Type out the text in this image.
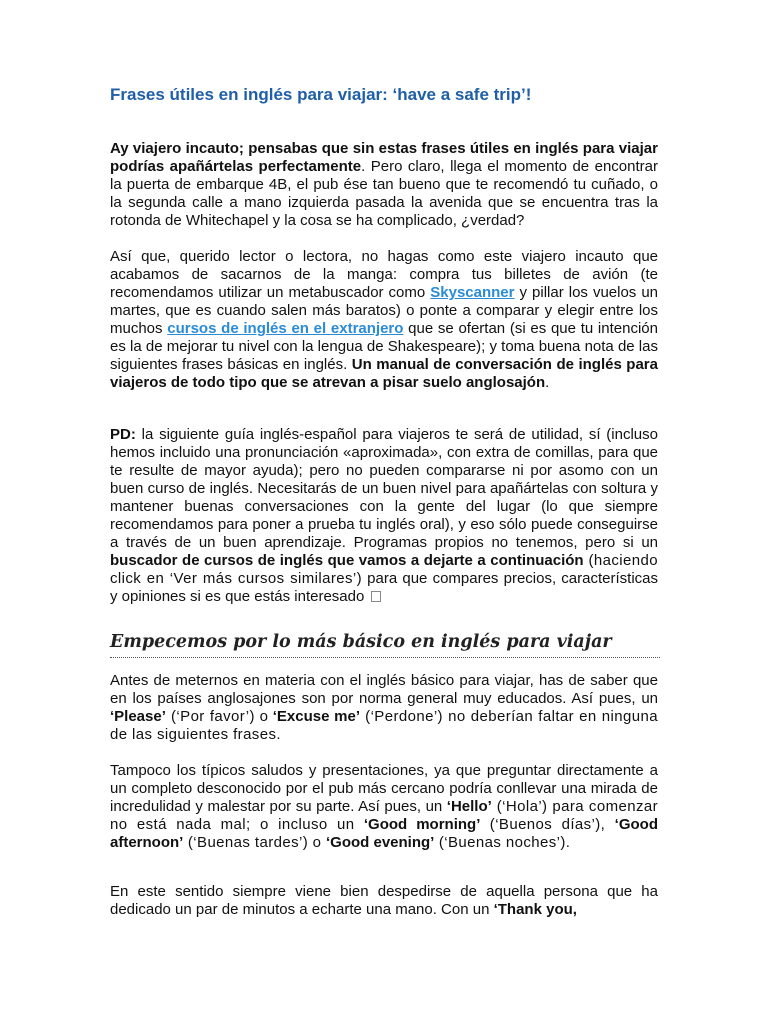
Frases útiles en inglés para viajar: ‘have a safe trip’!

Ay viajero incauto; pensabas que sin estas frases útiles en inglés para viajar podrías apañártelas perfectamente. Pero claro, llega el momento de encontrar la puerta de embarque 4B, el pub ése tan bueno que te recomendó tu cuñado, o la segunda calle a mano izquierda pasada la avenida que se encuentra tras la rotonda de Whitechapel y la cosa se ha complicado, ¿verdad?

Así que, querido lector o lectora, no hagas como este viajero incauto que acabamos de sacarnos de la manga: compra tus billetes de avión (te recomendamos utilizar un metabuscador como Skyscanner y pillar los vuelos un martes, que es cuando salen más baratos) o ponte a comparar y elegir entre los muchos cursos de inglés en el extranjero que se ofertan (si es que tu intención es la de mejorar tu nivel con la lengua de Shakespeare); y toma buena nota de las siguientes frases básicas en inglés. Un manual de conversación de inglés para viajeros de todo tipo que se atrevan a pisar suelo anglosajón.

PD: la siguiente guía inglés-español para viajeros te será de utilidad, sí (incluso hemos incluido una pronunciación «aproximada», con extra de comillas, para que te resulte de mayor ayuda); pero no pueden compararse ni por asomo con un buen curso de inglés. Necesitarás de un buen nivel para apañártelas con soltura y mantener buenas conversaciones con la gente del lugar (lo que siempre recomendamos para poner a prueba tu inglés oral), y eso sólo puede conseguirse a través de un buen aprendizaje. Programas propios no tenemos, pero si un buscador de cursos de inglés que vamos a dejarte a continuación (haciendo click en ‘Ver más cursos similares’) para que compares precios, características y opiniones si es que estás interesado

Empecemos por lo más básico en inglés para viajar

Antes de meternos en materia con el inglés básico para viajar, has de saber que en los países anglosajones son por norma general muy educados. Así pues, un ‘Please’ (‘Por favor’) o ‘Excuse me’ (‘Perdone’) no deberían faltar en ninguna de las siguientes frases.

Tampoco los típicos saludos y presentaciones, ya que preguntar directamente a un completo desconocido por el pub más cercano podría conllevar una mirada de incredulidad y malestar por su parte. Así pues, un ‘Hello’ (‘Hola’) para comenzar no está nada mal; o incluso un ‘Good morning’ (‘Buenos días’), ‘Good afternoon’ (‘Buenas tardes’) o ‘Good evening’ (‘Buenas noches’).

En este sentido siempre viene bien despedirse de aquella persona que ha dedicado un par de minutos a echarte una mano. Con un ‘Thank you,
